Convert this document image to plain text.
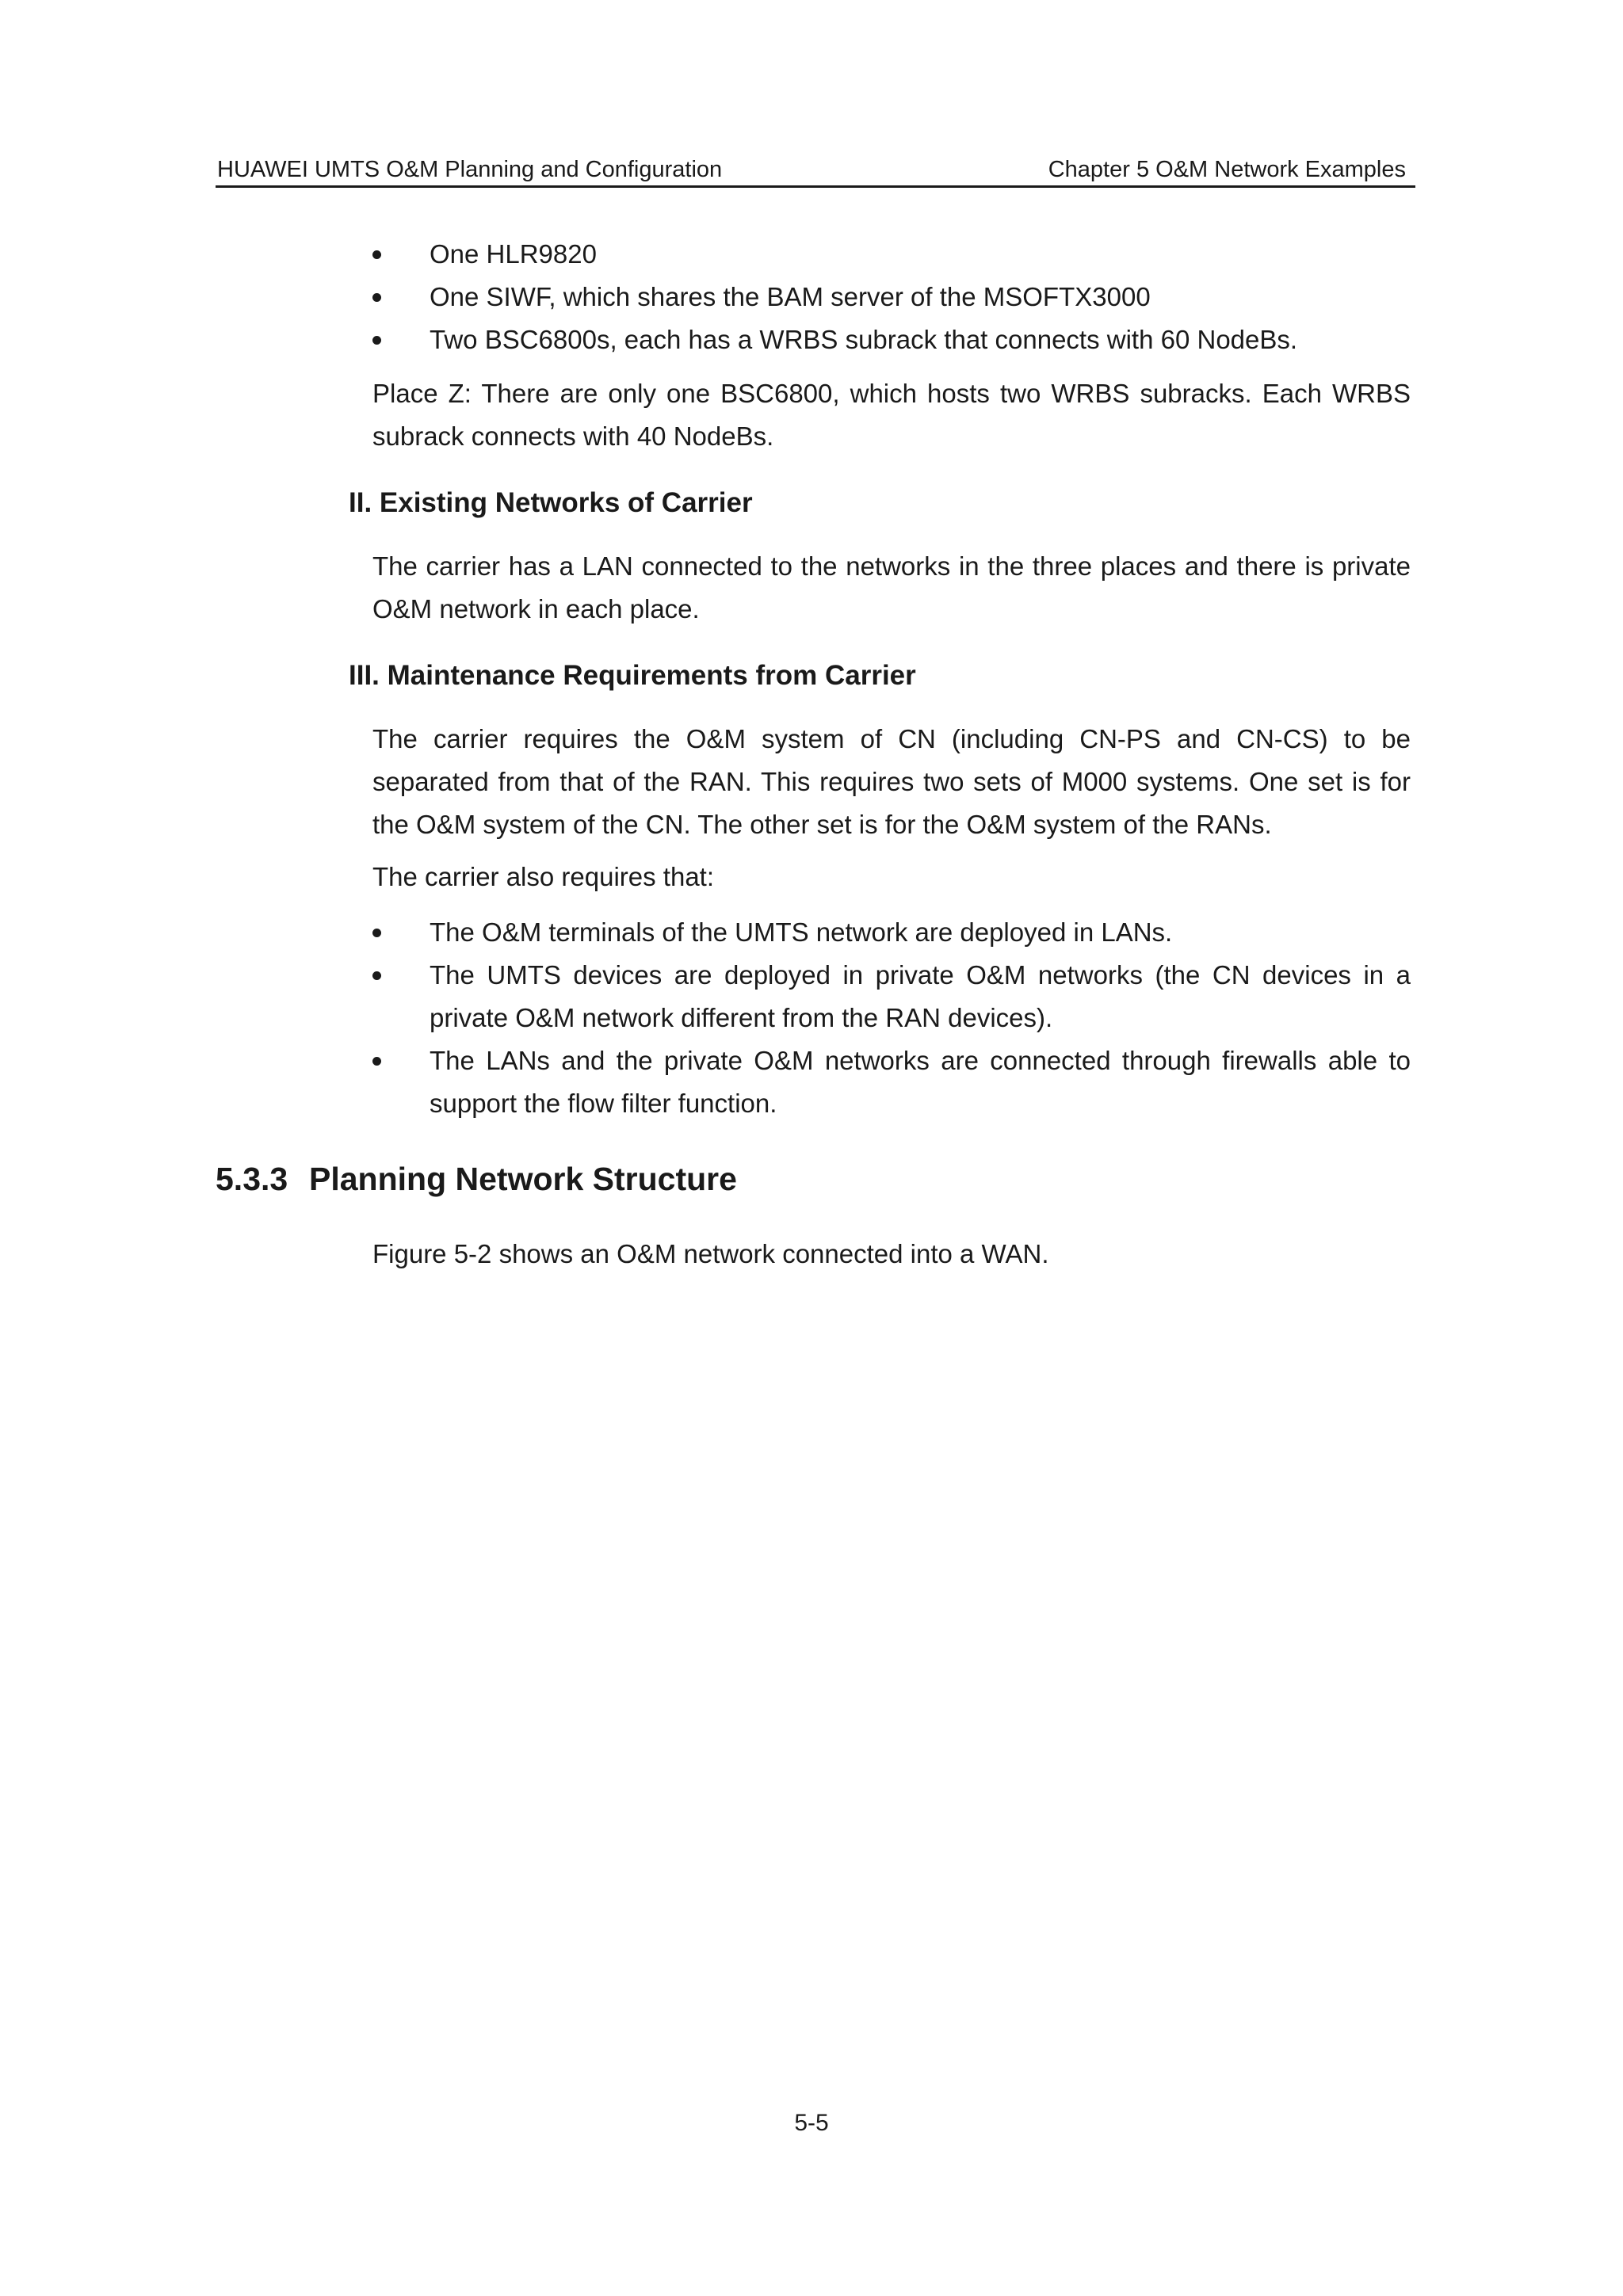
HUAWEI UMTS O&M Planning and Configuration	Chapter 5 O&M Network Examples
One HLR9820
One SIWF, which shares the BAM server of the MSOFTX3000
Two BSC6800s, each has a WRBS subrack that connects with 60 NodeBs.
Place Z: There are only one BSC6800, which hosts two WRBS subracks. Each WRBS subrack connects with 40 NodeBs.
II. Existing Networks of Carrier
The carrier has a LAN connected to the networks in the three places and there is private O&M network in each place.
III. Maintenance Requirements from Carrier
The carrier requires the O&M system of CN (including CN-PS and CN-CS) to be separated from that of the RAN. This requires two sets of M000 systems. One set is for the O&M system of the CN. The other set is for the O&M system of the RANs.
The carrier also requires that:
The O&M terminals of the UMTS network are deployed in LANs.
The UMTS devices are deployed in private O&M networks (the CN devices in a private O&M network different from the RAN devices).
The LANs and the private O&M networks are connected through firewalls able to support the flow filter function.
5.3.3 Planning Network Structure
Figure 5-2 shows an O&M network connected into a WAN.
5-5
